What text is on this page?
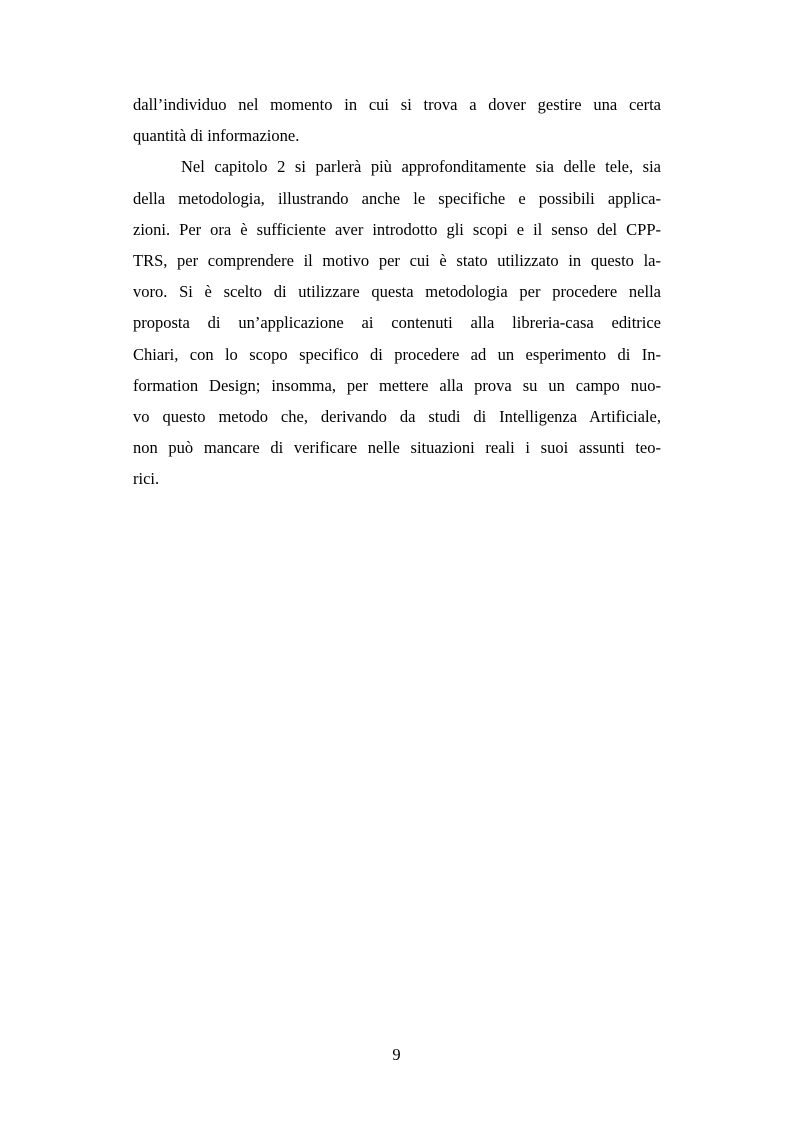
dall’individuo nel momento in cui si trova a dover gestire una certa
quantità di informazione.
Nel capitolo 2 si parlerà più approfonditamente sia delle tele, sia
della metodologia, illustrando anche le specifiche e possibili applica-
zioni. Per ora è sufficiente aver introdotto gli scopi e il senso del CPP-
TRS, per comprendere il motivo per cui è stato utilizzato in questo la-
voro. Si è scelto di utilizzare questa metodologia per procedere nella
proposta di un’applicazione ai contenuti alla libreria-casa editrice
Chiari, con lo scopo specifico di procedere ad un esperimento di In-
formation Design; insomma, per mettere alla prova su un campo nuo-
vo questo metodo che, derivando da studi di Intelligenza Artificiale,
non può mancare di verificare nelle situazioni reali i suoi assunti teo-
rici.
9
